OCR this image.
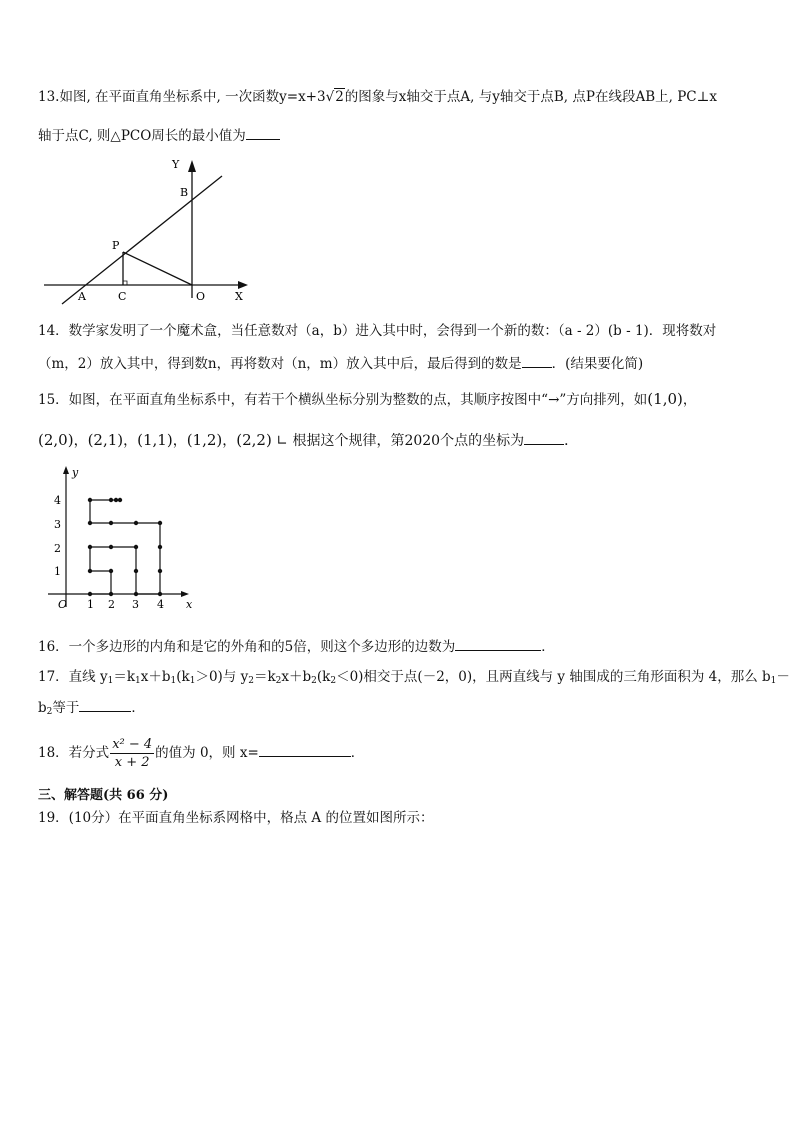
13.如图, 在平面直角坐标系中, 一次函数y=x+3√2的图象与x轴交于点A, 与y轴交于点B, 点P在线段AB上, PC⊥x
轴于点C, 则△PCO周长的最小值为
Y
B
P
A	C	O	X
14．数学家发明了一个魔术盒，当任意数对（a，b）进入其中时，会得到一个新的数：（a - 2）(b - 1)．现将数对
（m，2）放入其中，得到数n，再将数对（n，m）放入其中后，最后得到的数是 ．(结果要化简)
15．如图，在平面直角坐标系中，有若干个横纵坐标分别为整数的点，其顺序按图中“→”方向排列，如(1,0)，
(2,0)，(2,1)，(1,1)，(1,2)，(2,2) ∟ 根据这个规律，第2020个点的坐标为	．
y
x
O 1 2 3 4
1
2
3
4
16．一个多边形的内角和是它的外角和的5倍，则这个多边形的边数为	．
17．直线 $y_1=k_1x+b_1(k_1>0)$与 $y_2=k_2x+b_2(k_2<0)$相交于点(－2，0)，且两直线与 y 轴围成的三角形面积为 4，那么 $b_1-$
$b_2$等于	．
18．若分式 $\frac{\text{x² − 4}}{x + 2}$ 的值为 0，则 x=	．
三、解答题(共 66 分)
19．(10分）在平面直角坐标系网格中，格点 A 的位置如图所示：
